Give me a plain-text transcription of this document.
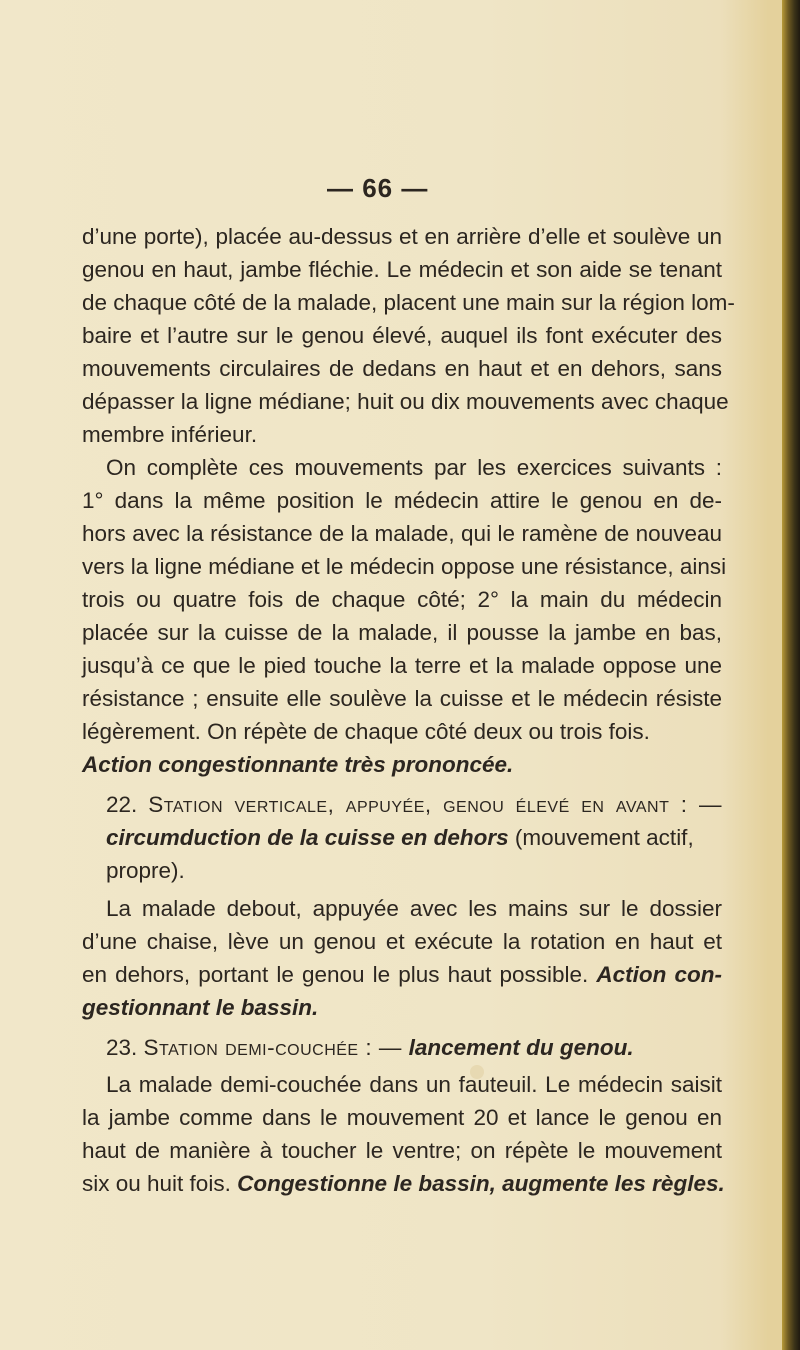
— 66 —

d’une porte), placée au-dessus et en arrière d’elle et soulève un

genou en haut, jambe fléchie. Le médecin et son aide se tenant

de chaque côté de la malade, placent une main sur la région lom-

baire et l’autre sur le genou élevé, auquel ils font exécuter des

mouvements circulaires de dedans en haut et en dehors, sans

dépasser la ligne médiane; huit ou dix mouvements avec chaque

membre inférieur.

On complète ces mouvements par les exercices suivants :

1° dans la même position le médecin attire le genou en de-

hors avec la résistance de la malade, qui le ramène de nouveau

vers la ligne médiane et le médecin oppose une résistance, ainsi

trois ou quatre fois de chaque côté; 2° la main du médecin

placée sur la cuisse de la malade, il pousse la jambe en bas,

jusqu’à ce que le pied touche la terre et la malade oppose une

résistance ; ensuite elle soulève la cuisse et le médecin résiste

légèrement. On répète de chaque côté deux ou trois fois.

Action congestionnante très prononcée.

22. Station verticale, appuyée, genou élevé en avant : —

circumduction de la cuisse en dehors (mouvement actif,

propre).

La malade debout, appuyée avec les mains sur le dossier

d’une chaise, lève un genou et exécute la rotation en haut et

en dehors, portant le genou le plus haut possible. Action con-

gestionnant le bassin.

23. Station demi-couchée : — lancement du genou.

La malade demi-couchée dans un fauteuil. Le médecin saisit

la jambe comme dans le mouvement 20 et lance le genou en

haut de manière à toucher le ventre; on répète le mouvement

six ou huit fois. Congestionne le bassin, augmente les règles.
